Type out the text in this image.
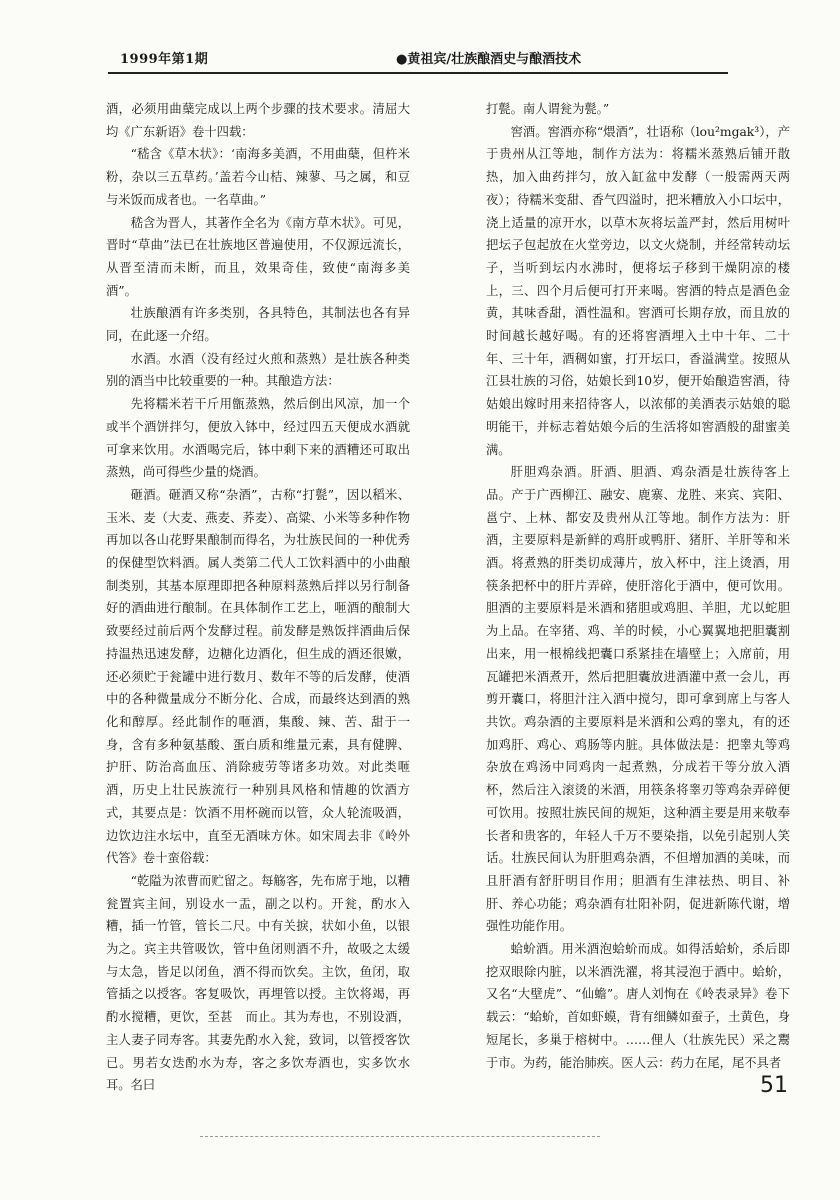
1999年第1期	●黄祖宾/壮族酿酒史与酿酒技术

酒，必须用曲蘖完成以上两个步骤的技术要求。清屈大均《广东新语》卷十四载：

“嵇含《草木状》：‘南海多美酒，不用曲蘖，但杵米粉，杂以三五草药。’盖若今山桔、辣蓼、马之属，和豆与米饭而成者也。一名草曲。”

嵇含为晋人，其著作全名为《南方草木状》。可见，晋时“草曲”法已在壮族地区普遍使用，不仅源远流长，从晋至清而未断，而且，效果奇佳，致使“南海多美酒”。

壮族酿酒有许多类别，各具特色，其制法也各有异同，在此逐一介绍。

水酒。水酒（没有经过火煎和蒸熟）是壮族各种类别的酒当中比较重要的一种。其酿造方法：

先将糯米若干斤用甑蒸熟，然后倒出风凉，加一个或半个酒饼拌匀，便放入钵中，经过四五天便成水酒就可拿来饮用。水酒喝完后，钵中剩下来的酒糟还可取出蒸熟，尚可得些少量的烧酒。

砸酒。砸酒又称“杂酒”，古称“打甏”，因以稻米、玉米、麦（大麦、燕麦、荞麦）、高粱、小米等多种作物再加以各山花野果酿制而得名，为壮族民间的一种优秀的保健型饮料酒。属人类第二代人工饮料酒中的小曲酿制类别，其基本原理即把各种原料蒸熟后拌以另行制备好的酒曲进行酿制。在具体制作工艺上，咂酒的酿制大致要经过前后两个发酵过程。前发酵是熟饭拌酒曲后保持温热迅速发酵，边糖化边酒化，但生成的酒还很嫩，还必须贮于瓮罐中进行数月、数年不等的后发酵，使酒中的各种微量成分不断分化、合成，而最终达到酒的熟化和醇厚。经此制作的咂酒，集酸、辣、苦、甜于一身，含有多种氨基酸、蛋白质和维量元素，具有健脾、护肝、防治高血压、消除疲劳等诸多功效。对此类咂酒，历史上壮民族流行一种别具风格和情趣的饮酒方式，其要点是：饮酒不用杯碗而以管，众人轮流吸酒，边饮边注水坛中，直至无酒味方休。如宋周去非《岭外代答》卷十蛮俗载：

“乾隘为浓曹而贮留之。每觞客，先布席于地，以糟瓮置宾主间，别设水一盂，副之以杓。开瓮，酌水入糟，插一竹管，管长二尺。中有关捩，状如小鱼，以银为之。宾主共管吸饮，管中鱼闭则酒不升，故吸之太缓与太急，皆足以闭鱼，酒不得而饮矣。主饮，鱼闭，取管插之以授客。客复吸饮，再埋管以授。主饮将竭，再酌水搅糟，更饮，至甚　而止。其为寿也，不别设酒，主人妻子同寿客。其妻先酌水入瓮，致词，以管授客饮已。男若女迭酌水为寿，客之多饮寿酒也，实多饮水耳。名曰

打甏。南人谓瓮为甏。”

窖酒。窖酒亦称“煨酒”，壮语称（lou²mgak³），产于贵州从江等地，制作方法为：将糯米蒸熟后铺开散热，加入曲药拌匀，放入缸盆中发酵（一般需两天两夜）；待糯米变甜、香气四溢时，把米糟放入小口坛中，浇上适量的凉开水，以草木灰将坛盖严封，然后用树叶把坛子包起放在火堂旁边，以文火烧制，并经常转动坛子，当听到坛内水沸时，便将坛子移到干燥阴凉的楼上，三、四个月后便可打开来喝。窖酒的特点是酒色金黄，其味香甜，酒性温和。窖酒可长期存放，而且放的时间越长越好喝。有的还将窖酒埋入土中十年、二十年、三十年，酒稠如蜜，打开坛口，香溢满堂。按照从江县壮族的习俗，姑娘长到10岁，便开始酿造窖酒，待姑娘出嫁时用来招待客人，以浓郁的美酒表示姑娘的聪明能干，并标志着姑娘今后的生活将如窖酒般的甜蜜美满。

肝胆鸡杂酒。肝酒、胆酒、鸡杂酒是壮族待客上品。产于广西柳江、融安、鹿寨、龙胜、来宾、宾阳、邕宁、上林、都安及贵州从江等地。制作方法为：肝酒，主要原料是新鲜的鸡肝或鸭肝、猪肝、羊肝等和米酒。将煮熟的肝类切成薄片，放入杯中，注上烫酒，用筷条把杯中的肝片弄碎，使肝溶化于酒中，便可饮用。胆酒的主要原料是米酒和猪胆或鸡胆、羊胆，尤以蛇胆为上品。在宰猪、鸡、羊的时候，小心翼翼地把胆囊割出来，用一根棉线把囊口系紧挂在墙壁上；入席前，用瓦罐把米酒煮开，然后把胆囊放进酒灌中煮一会儿，再剪开囊口，将胆汁注入酒中搅匀，即可拿到席上与客人共饮。鸡杂酒的主要原料是米酒和公鸡的睾丸，有的还加鸡肝、鸡心、鸡肠等内脏。具体做法是：把睾丸等鸡杂放在鸡汤中同鸡肉一起煮熟，分成若干等分放入酒杯，然后注入滚烫的米酒，用筷条将睾刃等鸡杂弄碎便可饮用。按照壮族民间的规矩，这种酒主要是用来敬奉长者和贵客的，年轻人千万不要染指，以免引起别人笑话。壮族民间认为肝胆鸡杂酒，不但增加酒的美味，而且肝酒有舒肝明目作用；胆酒有生津祛热、明目、补肝、养心功能；鸡杂酒有壮阳补阴，促进新陈代谢，增强性功能作用。

蛤蚧酒。用米酒泡蛤蚧而成。如得活蛤蚧，杀后即挖双眼除内脏，以米酒洗濯，将其浸泡于酒中。蛤蚧，又名“大壁虎”、“仙蟾”。唐人刘恂在《岭表录异》卷下载云：“蛤蚧，首如虾蟆，背有细鳞如蚕子，土黄色，身短尾长，多巢于榕树中。……俚人（壮族先民）采之鬻于市。为药，能治肺疾。医人云：药力在尾，尾不具者

51
